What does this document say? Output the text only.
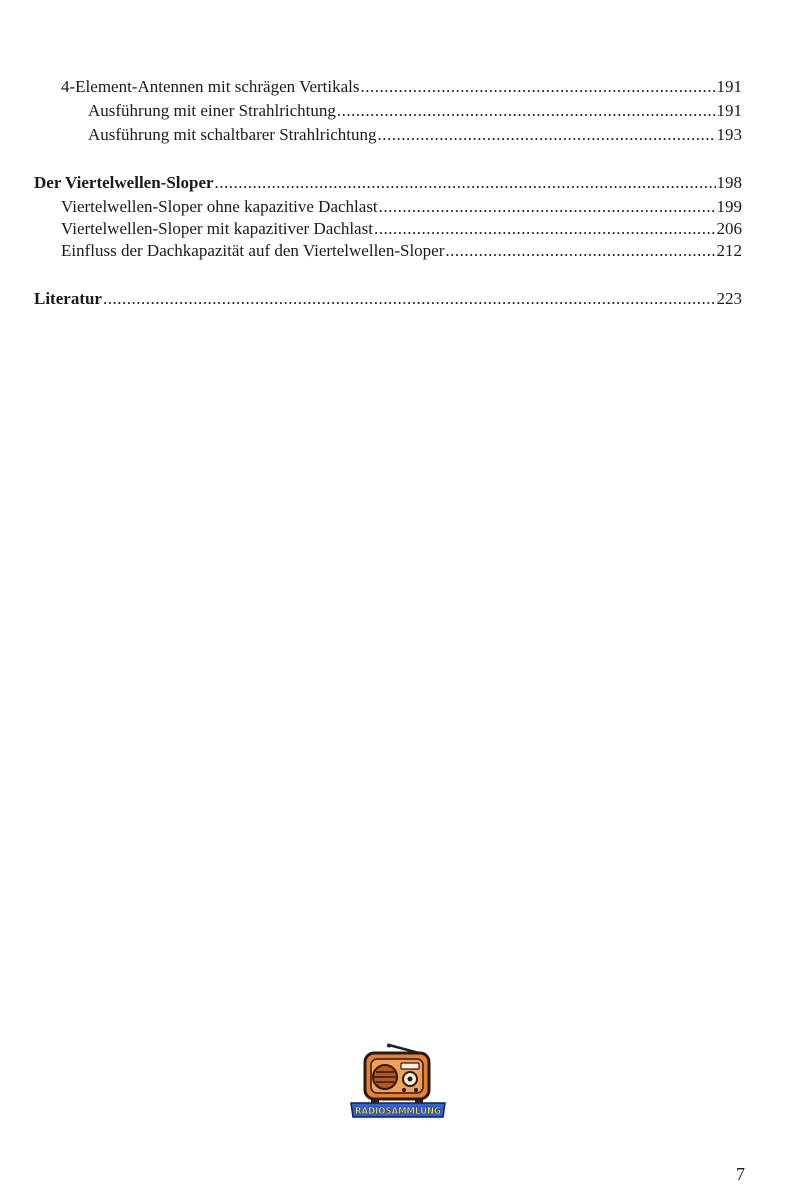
4-Element-Antennen mit schrägen Vertikals .....	191
Ausführung mit einer Strahlrichtung .....	191
Ausführung mit schaltbarer Strahlrichtung .....	193
Der Viertelwellen-Sloper .....	198
Viertelwellen-Sloper ohne kapazitive Dachlast .....	199
Viertelwellen-Sloper mit kapazitiver Dachlast .....	206
Einfluss der Dachkapazität auf den Viertelwellen-Sloper .....	212
Literatur .....	223
RADIOSAMMLUNG
7
